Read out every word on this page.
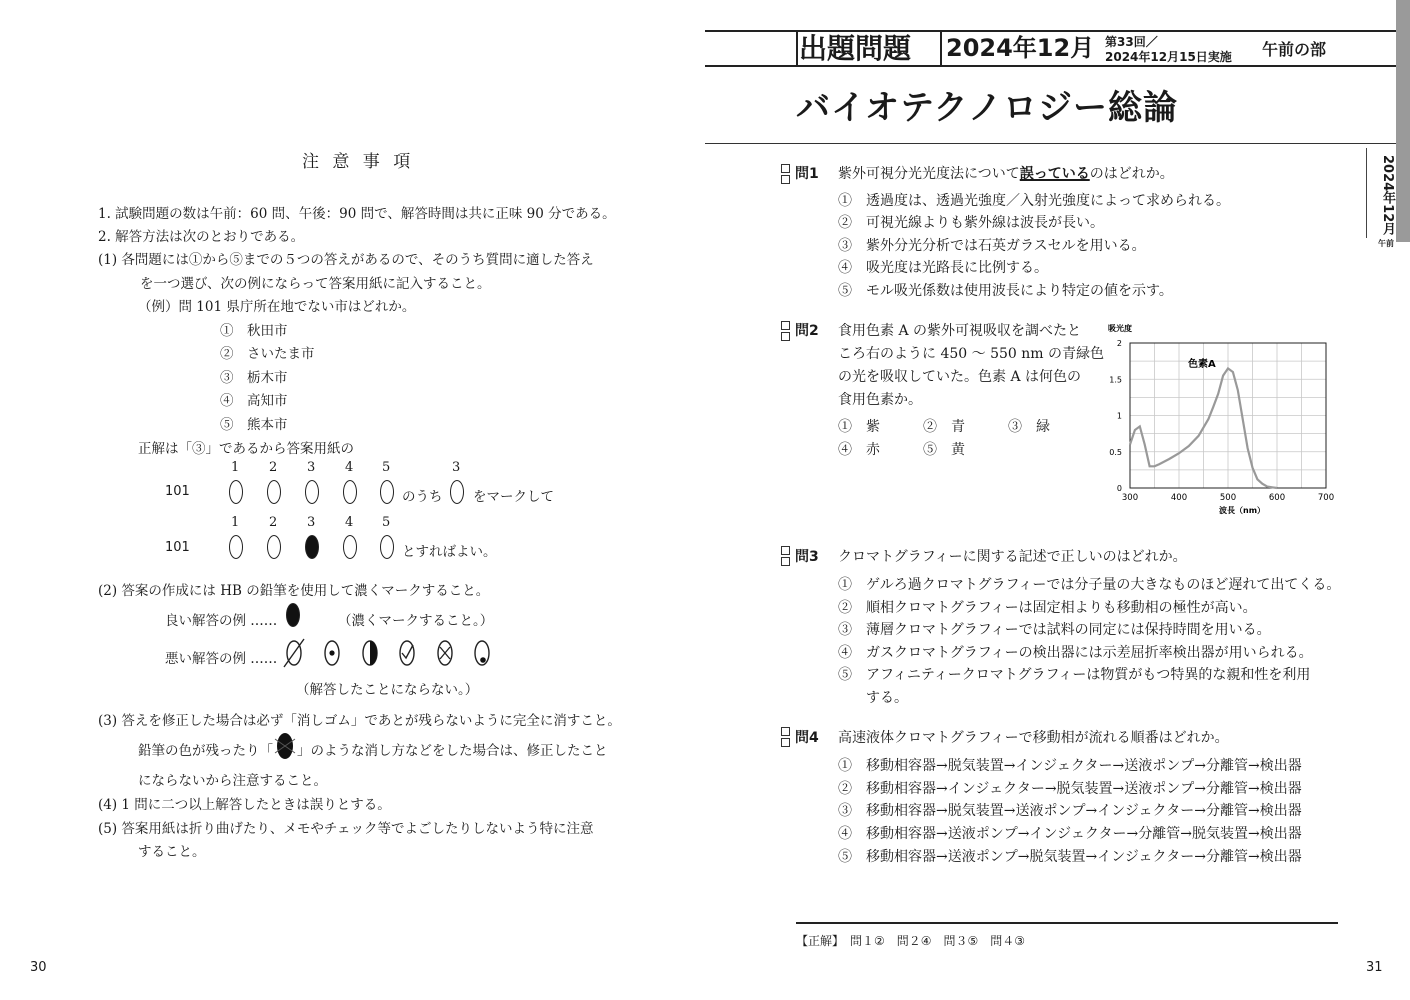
注 意 事 項
1. 試験問題の数は午前：60 問、午後：90 問で、解答時間は共に正味 90 分である。
2. 解答方法は次のとおりである。
(1) 各問題には①から⑤までの５つの答えがあるので、そのうち質問に適した答え
を一つ選び、次の例にならって答案用紙に記入すること。
（例）問 101 県庁所在地でない市はどれか。
①　秋田市
②　さいたま市
③　栃木市
④　高知市
⑤　熊本市
正解は「③」であるから答案用紙の
1 2 3 4 5	3
101	のうち をマークして
1 2 3 4 5
101	とすればよい。
(2) 答案の作成には HB の鉛筆を使用して濃くマークすること。
良い解答の例 ……	（濃くマークすること。）
悪い解答の例 ……
（解答したことにならない。）
(3) 答えを修正した場合は必ず「消しゴム」であとが残らないように完全に消すこと。
鉛筆の色が残ったり「 」のような消し方などをした場合は、修正したこと
にならないから注意すること。
(4) 1 問に二つ以上解答したときは誤りとする。
(5) 答案用紙は折り曲げたり、メモやチェック等でよごしたりしないよう特に注意
すること。
30
出題問題 2024年12月 第33回／
2024年12月15日実施 午前の部
バイオテクノロジー総論
2024年12月
午前
問1 紫外可視分光光度法について誤っているのはどれか。
①　透過度は、透過光強度／入射光強度によって求められる。
②　可視光線よりも紫外線は波長が長い。
③　紫外分光分析では石英ガラスセルを用いる。
④　吸光度は光路長に比例する。
⑤　モル吸光係数は使用波長により特定の値を示す。
問2 食用色素 A の紫外可視吸収を調べたと
ころ右のように 450 ～ 550 nm の青緑色
の光を吸収していた。色素 A は何色の
食用色素か。
①　紫	②　青	③　緑
④　赤	⑤　黄
300	400	500	600	700
0
0.5
1
1.5
2
吸光度
波長（nm）
色素A
問3 クロマトグラフィーに関する記述で正しいのはどれか。
①　ゲルろ過クロマトグラフィーでは分子量の大きなものほど遅れて出てくる。
②　順相クロマトグラフィーは固定相よりも移動相の極性が高い。
③　薄層クロマトグラフィーでは試料の同定には保持時間を用いる。
④　ガスクロマトグラフィーの検出器には示差屈折率検出器が用いられる。
⑤　アフィニティークロマトグラフィーは物質がもつ特異的な親和性を利用
する。
問4 高速液体クロマトグラフィーで移動相が流れる順番はどれか。
①　移動相容器→脱気装置→インジェクター→送液ポンプ→分離管→検出器
②　移動相容器→インジェクター→脱気装置→送液ポンプ→分離管→検出器
③　移動相容器→脱気装置→送液ポンプ→インジェクター→分離管→検出器
④　移動相容器→送液ポンプ→インジェクター→分離管→脱気装置→検出器
⑤　移動相容器→送液ポンプ→脱気装置→インジェクター→分離管→検出器
【正解】　問１②　問２④　問３⑤　問４③
31
